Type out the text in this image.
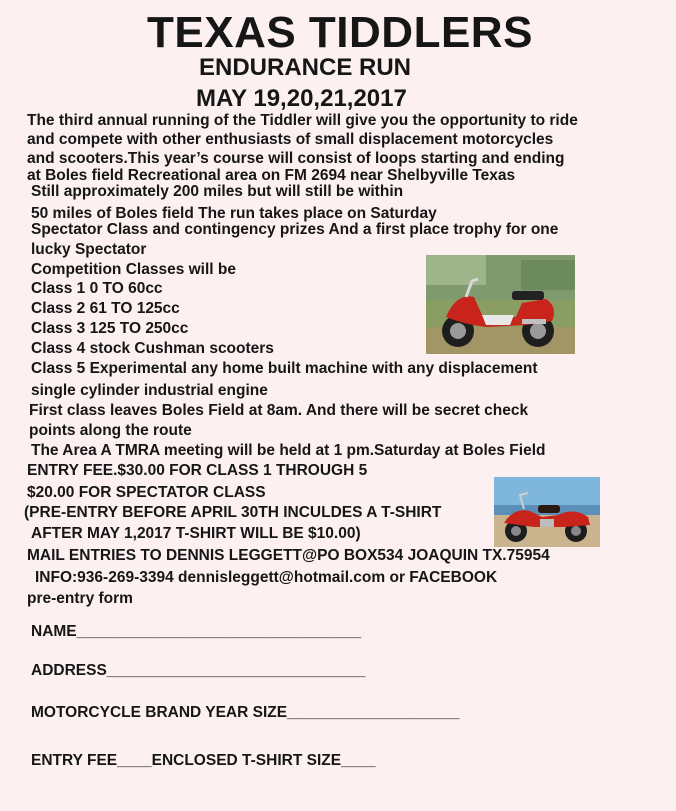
TEXAS TIDDLERS
ENDURANCE RUN
MAY 19,20,21,2017
The third annual running of the Tiddler will give you the opportunity to ride
and compete with other enthusiasts of small displacement motorcycles
and scooters.This year’s course will consist of loops starting and ending
at Boles field Recreational area on FM 2694 near Shelbyville Texas
Still approximately 200 miles but will still be within
50 miles of Boles field The run takes place on Saturday
Spectator Class and contingency prizes And a first place trophy for one
lucky Spectator
Competition Classes will be
Class 1 0 TO 60cc
Class 2 61 TO 125cc
Class 3 125 TO 250cc
Class 4 stock Cushman scooters
Class 5 Experimental any home built machine with any displacement
single cylinder industrial engine
First class leaves Boles Field at 8am. And there will be secret check
points along the route
The Area A TMRA meeting will be held at 1 pm.Saturday at Boles Field
ENTRY FEE.$30.00 FOR CLASS 1 THROUGH 5
$20.00 FOR SPECTATOR CLASS
(PRE-ENTRY BEFORE APRIL 30TH INCULDES A T-SHIRT
AFTER MAY 1,2017 T-SHIRT WILL BE $10.00)
MAIL ENTRIES TO DENNIS LEGGETT@PO BOX534 JOAQUIN TX.75954
INFO:936-269-3394 dennisleggett@hotmail.com or FACEBOOK
pre-entry form
NAME_________________________________
ADDRESS______________________________
MOTORCYCLE BRAND YEAR SIZE____________________
ENTRY FEE____ENCLOSED T-SHIRT SIZE____
